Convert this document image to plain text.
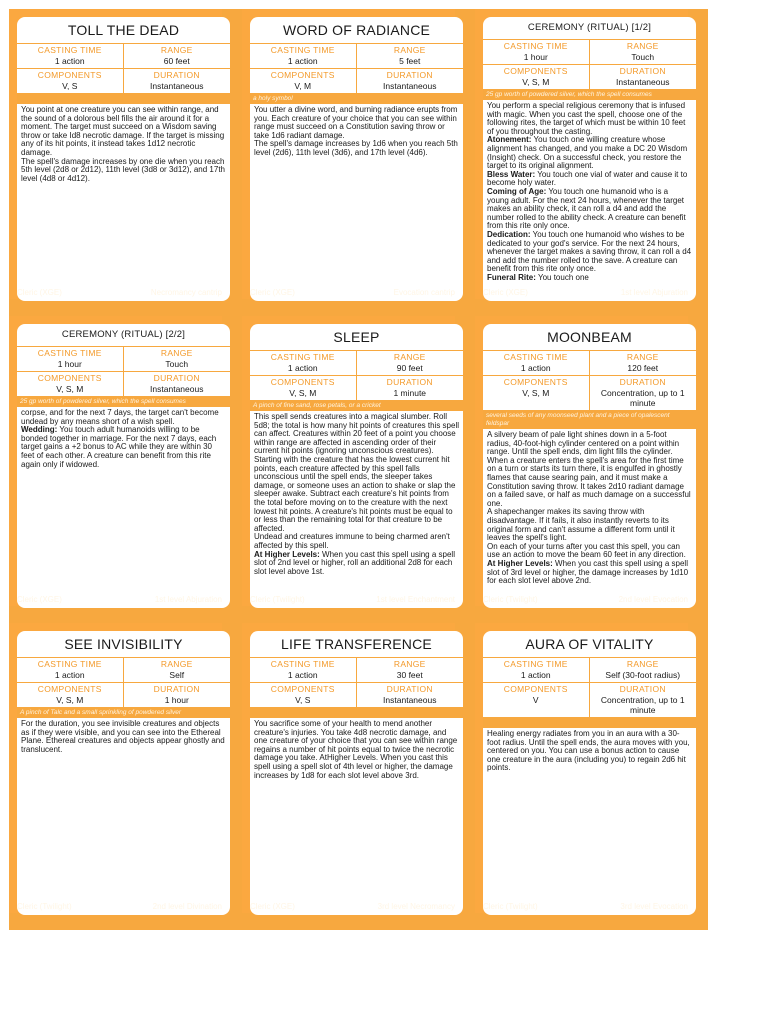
TOLL THE DEAD
CASTING TIME
1 action
RANGE
60 feet
COMPONENTS
V, S
DURATION
Instantaneous

You point at one creature you can see within range, and the sound of a dolorous bell fills the air around it for a moment. The target must succeed on a Wisdom saving throw or take Id8 necrotic damage. If the target is missing any of its hit points, it instead takes 1d12 necrotic damage.

The spell's damage increases by one die when you reach 5th level (2d8 or 2d12), 11th level (3d8 or 3d12), and 17th level (4d8 or 4d12).

Cleric (XGE)	Necromancy cantrip
WORD OF RADIANCE
CASTING TIME
1 action
RANGE
5 feet
COMPONENTS
V, M
DURATION
Instantaneous
a holy symbol

You utter a divine word, and burning radiance erupts from you. Each creature of your choice that you can see within range must succeed on a Constitution saving throw or take 1d6 radiant damage.

The spell's damage increases by 1d6 when you reach 5th level (2d6), 11th level (3d6), and 17th level (4d6).

Cleric (XGE)	Evocation cantrip
CEREMONY (RITUAL) [1/2]
CASTING TIME
1 hour
RANGE
Touch
COMPONENTS
V, S, M
DURATION
Instantaneous
25 gp worth of powdered silver, which the spell consumes

You perform a special religious ceremony that is infused with magic. When you cast the spell, choose one of the following rites, the target of which must be within 10 feet of you throughout the casting.

Atonement: You touch one willing creature whose alignment has changed, and you make a DC 20 Wisdom (Insight) check. On a successful check, you restore the target to its original alignment.

Bless Water: You touch one vial of water and cause it to become holy water.

Coming of Age: You touch one humanoid who is a young adult. For the next 24 hours, whenever the target makes an ability check, it can roll a d4 and add the number rolled to the ability check. A creature can benefit from this rite only once.

Dedication: You touch one humanoid who wishes to be dedicated to your god's service. For the next 24 hours, whenever the target makes a saving throw, it can roll a d4 and add the number rolled to the save. A creature can benefit from this rite only once.

Funeral Rite: You touch one

Cleric (XGE)	1st level Abjuration
CEREMONY (RITUAL) [2/2]
CASTING TIME
1 hour
RANGE
Touch
COMPONENTS
V, S, M
DURATION
Instantaneous
25 gp worth of powdered silver, which the spell consumes

corpse, and for the next 7 days, the target can't become undead by any means short of a wish spell.

Wedding: You touch adult humanoids willing to be bonded together in marriage. For the next 7 days, each target gains a +2 bonus to AC while they are within 30 feet of each other. A creature can benefit from this rite again only if widowed.

Cleric (XGE)	1st level Abjuration
SLEEP
CASTING TIME
1 action
RANGE
90 feet
COMPONENTS
V, S, M
DURATION
1 minute
A pinch of fine sand, rose petals, or a cricket

This spell sends creatures into a magical slumber. Roll 5d8; the total is how many hit points of creatures this spell can affect. Creatures within 20 feet of a point you choose within range are affected in ascending order of their current hit points (ignoring unconscious creatures).

Starting with the creature that has the lowest current hit points, each creature affected by this spell falls unconscious until the spell ends, the sleeper takes damage, or someone uses an action to shake or slap the sleeper awake. Subtract each creature's hit points from the total before moving on to the creature with the next lowest hit points. A creature's hit points must be equal to or less than the remaining total for that creature to be affected.

Undead and creatures immune to being charmed aren't affected by this spell.

At Higher Levels: When you cast this spell using a spell slot of 2nd level or higher, roll an additional 2d8 for each slot level above 1st.

Cleric (Twilight)	1st level Enchantment
MOONBEAM
CASTING TIME
1 action
RANGE
120 feet
COMPONENTS
V, S, M
DURATION
Concentration, up to 1 minute
several seeds of any moonseed plant and a piece of opalescent feldspar

A silvery beam of pale light shines down in a 5-foot radius, 40-foot-high cylinder centered on a point within range. Until the spell ends, dim light fills the cylinder.

When a creature enters the spell's area for the first time on a turn or starts its turn there, it is engulfed in ghostly flames that cause searing pain, and it must make a Constitution saving throw. It takes 2d10 radiant damage on a failed save, or half as much damage on a successful one.

A shapechanger makes its saving throw with disadvantage. If it fails, it also instantly reverts to its original form and can't assume a different form until it leaves the spell's light.

On each of your turns after you cast this spell, you can use an action to move the beam 60 feet in any direction.

At Higher Levels: When you cast this spell using a spell slot of 3rd level or higher, the damage increases by 1d10 for each slot level above 2nd.

Cleric (Twilight)	2nd level Evocation
SEE INVISIBILITY
CASTING TIME
1 action
RANGE
Self
COMPONENTS
V, S, M
DURATION
1 hour
A pinch of Talc and a small sprinkling of powdered silver

For the duration, you see invisible creatures and objects as if they were visible, and you can see into the Ethereal Plane. Ethereal creatures and objects appear ghostly and translucent.

Cleric (Twilight)	2nd level Divination
LIFE TRANSFERENCE
CASTING TIME
1 action
RANGE
30 feet
COMPONENTS
V, S
DURATION
Instantaneous

You sacrifice some of your health to mend another creature's injuries. You take 4d8 necrotic damage, and one creature of your choice that you can see within range regains a number of hit points equal to twice the necrotic damage you take. AtHigher Levels. When you cast this spell using a spell slot of 4th level or higher, the damage increases by 1d8 for each slot level above 3rd.

Cleric (XGE)	3rd level Necromancy
AURA OF VITALITY
CASTING TIME
1 action
RANGE
Self (30-foot radius)
COMPONENTS
V
DURATION
Concentration, up to 1 minute

Healing energy radiates from you in an aura with a 30-foot radius. Until the spell ends, the aura moves with you, centered on you. You can use a bonus action to cause one creature in the aura (including you) to regain 2d6 hit points.

Cleric (Twilight)	3rd level Evocation
